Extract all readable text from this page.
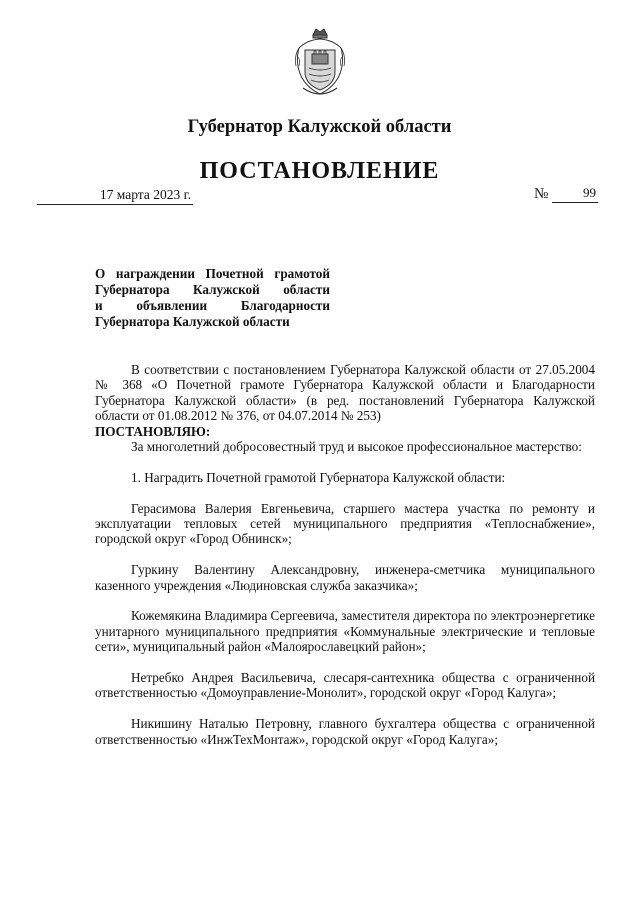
Губернатор Калужской области
ПОСТАНОВЛЕНИЕ
17 марта 2023 г.	№	99
О награждении Почетной грамотой
Губернатора Калужской области
и объявлении Благодарности
Губернатора Калужской области

В соответствии с постановлением Губернатора Калужской области от 27.05.2004 № 368 «О Почетной грамоте Губернатора Калужской области и Благодарности Губернатора Калужской области» (в ред. постановлений Губернатора Калужской области от 01.08.2012 № 376, от 04.07.2014 № 253)

ПОСТАНОВЛЯЮ:

За многолетний добросовестный труд и высокое профессиональное мастерство:

1. Наградить Почетной грамотой Губернатора Калужской области:

Герасимова Валерия Евгеньевича, старшего мастера участка по ремонту и эксплуатации тепловых сетей муниципального предприятия «Теплоснабжение», городской округ «Город Обнинск»;

Гуркину Валентину Александровну, инженера-сметчика муниципального казенного учреждения «Людиновская служба заказчика»;

Кожемякина Владимира Сергеевича, заместителя директора по электроэнергетике унитарного муниципального предприятия «Коммунальные электрические и тепловые сети», муниципальный район «Малоярославецкий район»;

Нетребко Андрея Васильевича, слесаря-сантехника общества с ограниченной ответственностью «Домоуправление-Монолит», городской округ «Город Калуга»;

Никишину Наталью Петровну, главного бухгалтера общества с ограниченной ответственностью «ИнжТехМонтаж», городской округ «Город Калуга»;
